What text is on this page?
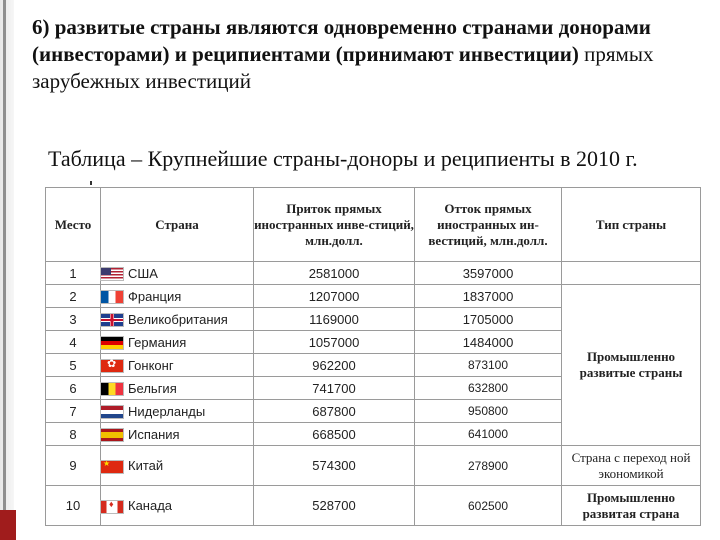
6) развитые страны являются одновременно странами донорами (инвесторами) и реципиентами (принимают инвестиции) прямых зарубежных инвестиций
Таблица – Крупнейшие страны-доноры и реципиенты в 2010 г.
Место	Страна	Приток прямых иностранных инве-стиций, млн.долл.	Отток прямых иностранных ин-вестиций, млн.долл.	Тип страны
1	США	2581000	3597000	
2	Франция	1207000	1837000	Промышленно развитые страны
3	Великобритания	1169000	1705000	
4	Германия	1057000	1484000	
5	✿Гонконг	962200	873100	
6	Бельгия	741700	632800	
7	Нидерланды	687800	950800	
8	Испания	668500	641000	
9	★Китай	574300	278900	Страна с переход ной экономикой
10	♦Канада	528700	602500	Промышленно развитая страна
